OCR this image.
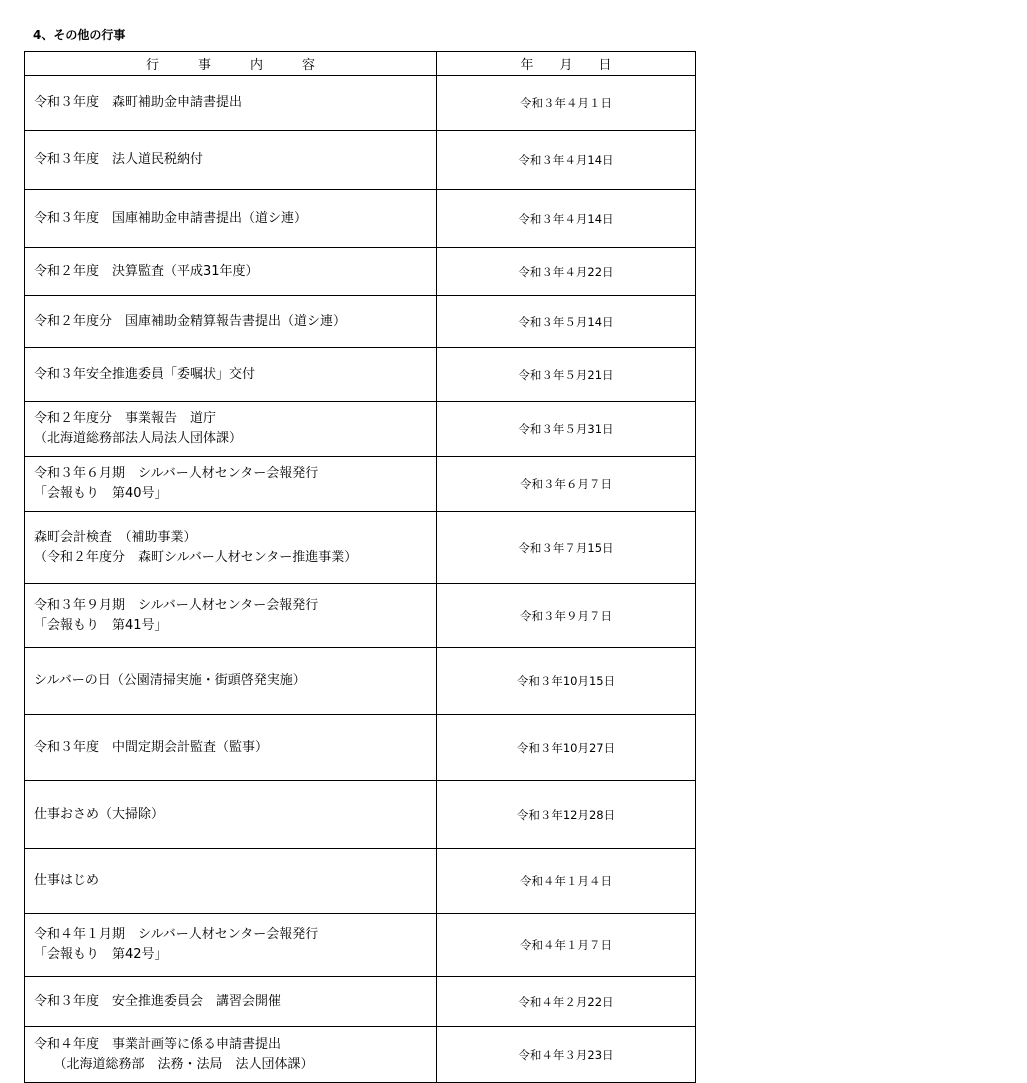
4、その他の行事
行　　　事　　　内　　　容	年　　月　　日

令和３年度　森町補助金申請書提出	令和３年４月１日

令和３年度　法人道民税納付	令和３年４月14日

令和３年度　国庫補助金申請書提出（道シ連）	令和３年４月14日

令和２年度　決算監査（平成31年度）	令和３年４月22日

令和２年度分　国庫補助金精算報告書提出（道シ連）	令和３年５月14日

令和３年安全推進委員「委嘱状」交付	令和３年５月21日

令和２年度分　事業報告　道庁
（北海道総務部法人局法人団体課）	令和３年５月31日

令和３年６月期　シルバー人材センター会報発行
「会報もり　第40号」	令和３年６月７日

森町会計検査　（補助事業）
（令和２年度分　森町シルバー人材センター推進事業）	令和３年７月15日

令和３年９月期　シルバー人材センター会報発行
「会報もり　第41号」	令和３年９月７日

シルバーの日（公園清掃実施・街頭啓発実施）	令和３年10月15日

令和３年度　中間定期会計監査（監事）	令和３年10月27日

仕事おさめ（大掃除）	令和３年12月28日

仕事はじめ	令和４年１月４日

令和４年１月期　シルバー人材センター会報発行
「会報もり　第42号」	令和４年１月７日

令和３年度　安全推進委員会　講習会開催	令和４年２月22日

令和４年度　事業計画等に係る申請書提出
　　（北海道総務部　法務・法局　法人団体課）	令和４年３月23日
